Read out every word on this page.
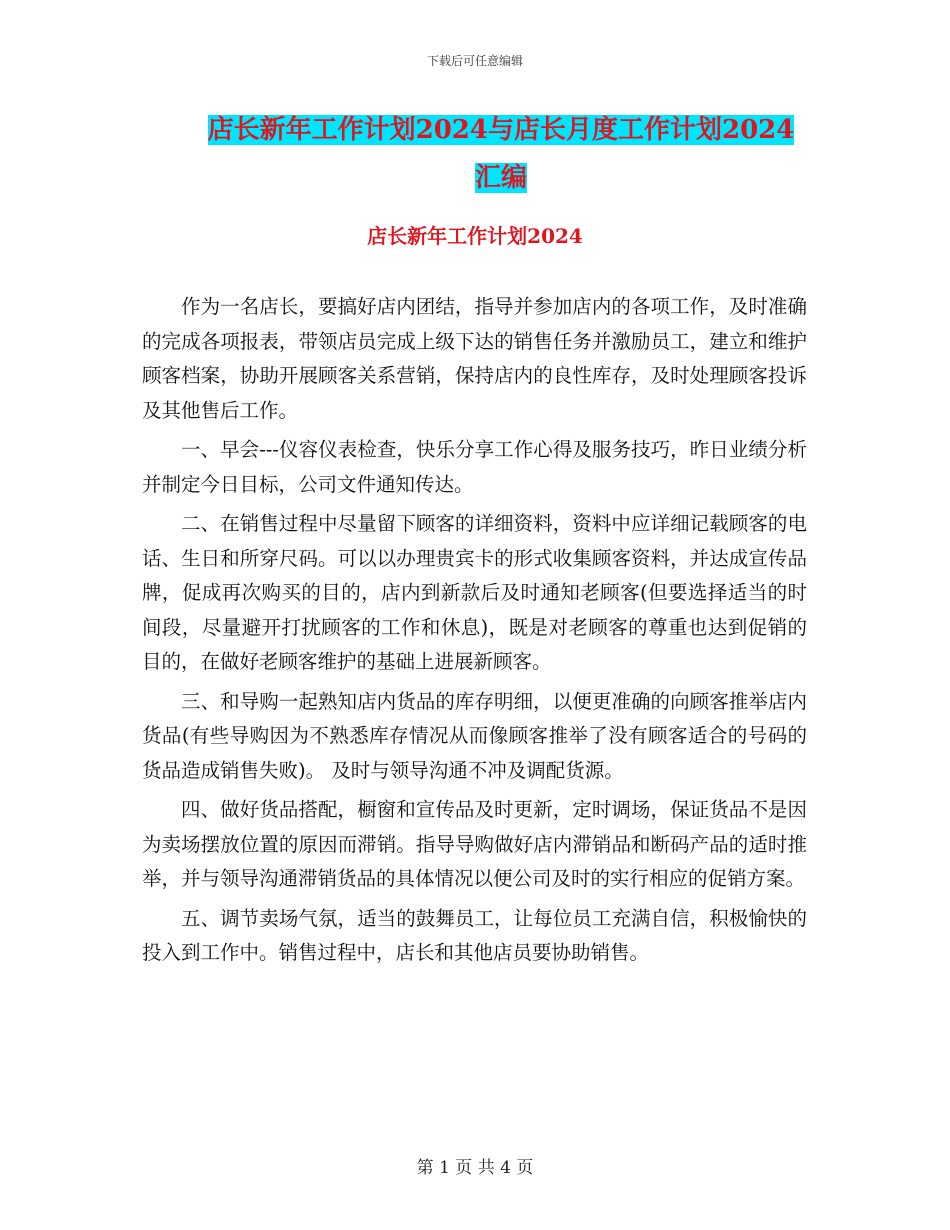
下载后可任意编辑
店长新年工作计划2024与店长月度工作计划2024汇编
店长新年工作计划2024

作为一名店长，要搞好店内团结，指导并参加店内的各项工作，及时准确的完成各项报表，带领店员完成上级下达的销售任务并激励员工，建立和维护顾客档案，协助开展顾客关系营销，保持店内的良性库存，及时处理顾客投诉及其他售后工作。

一、早会---仪容仪表检查，快乐分享工作心得及服务技巧，昨日业绩分析并制定今日目标，公司文件通知传达。

二、在销售过程中尽量留下顾客的详细资料，资料中应详细记载顾客的电话、生日和所穿尺码。可以以办理贵宾卡的形式收集顾客资料，并达成宣传品牌，促成再次购买的目的，店内到新款后及时通知老顾客(但要选择适当的时间段，尽量避开打扰顾客的工作和休息)，既是对老顾客的尊重也达到促销的目的，在做好老顾客维护的基础上进展新顾客。

三、和导购一起熟知店内货品的库存明细，以便更准确的向顾客推举店内货品(有些导购因为不熟悉库存情况从而像顾客推举了没有顾客适合的号码的货品造成销售失败)。 及时与领导沟通不冲及调配货源。

四、做好货品搭配，橱窗和宣传品及时更新，定时调场，保证货品不是因为卖场摆放位置的原因而滞销。指导导购做好店内滞销品和断码产品的适时推举，并与领导沟通滞销货品的具体情况以便公司及时的实行相应的促销方案。

五、调节卖场气氛，适当的鼓舞员工，让每位员工充满自信，积极愉快的投入到工作中。销售过程中，店长和其他店员要协助销售。

第 1 页 共 4 页
